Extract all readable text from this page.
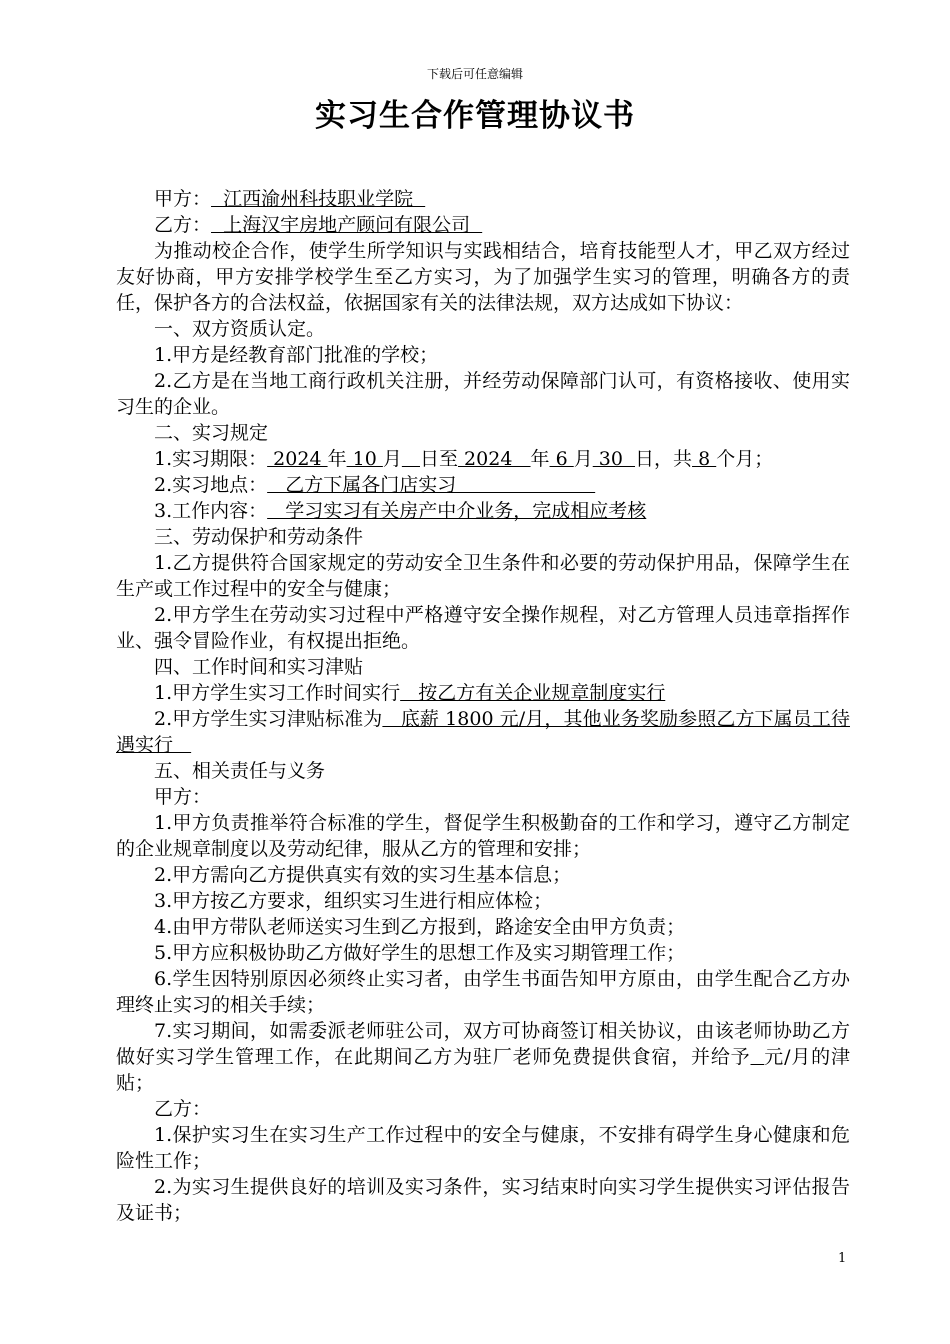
下载后可任意编辑
实习生合作管理协议书

甲方：  江西渝州科技职业学院

乙方：  上海汉宇房地产顾问有限公司

为推动校企合作，使学生所学知识与实践相结合，培育技能型人才，甲乙双方经过友好协商，甲方安排学校学生至乙方实习，为了加强学生实习的管理，明确各方的责任，保护各方的合法权益，依据国家有关的法律法规，双方达成如下协议：

一、双方资质认定。

1.甲方是经教育部门批准的学校；

2.乙方是在当地工商行政机关注册，并经劳动保障部门认可，有资格接收、使用实习生的企业。

二、实习规定

1.实习期限： 2024 年 10 月 日至 2024   年 6 月 30  日，共 8 个月；

2.实习地点：   乙方下属各门店实习

3.工作内容：   学习实习有关房产中介业务，完成相应考核

三、劳动保护和劳动条件

1.乙方提供符合国家规定的劳动安全卫生条件和必要的劳动保护用品，保障学生在生产或工作过程中的安全与健康；

2.甲方学生在劳动实习过程中严格遵守安全操作规程，对乙方管理人员违章指挥作业、强令冒险作业，有权提出拒绝。

四、工作时间和实习津贴

1.甲方学生实习工作时间实行   按乙方有关企业规章制度实行

2.甲方学生实习津贴标准为   底薪 1800 元/月，其他业务奖励参照乙方下属员工待遇实行

五、相关责任与义务

甲方：

1.甲方负责推举符合标准的学生，督促学生积极勤奋的工作和学习，遵守乙方制定的企业规章制度以及劳动纪律，服从乙方的管理和安排；

2.甲方需向乙方提供真实有效的实习生基本信息；

3.甲方按乙方要求，组织实习生进行相应体检；

4.由甲方带队老师送实习生到乙方报到，路途安全由甲方负责；

5.甲方应积极协助乙方做好学生的思想工作及实习期管理工作；

6.学生因特别原因必须终止实习者，由学生书面告知甲方原由，由学生配合乙方办理终止实习的相关手续；

7.实习期间，如需委派老师驻公司，双方可协商签订相关协议，由该老师协助乙方做好实习学生管理工作，在此期间乙方为驻厂老师免费提供食宿，并给予 元/月的津贴；

乙方：

1.保护实习生在实习生产工作过程中的安全与健康，不安排有碍学生身心健康和危险性工作；

2.为实习生提供良好的培训及实习条件，实习结束时向实习学生提供实习评估报告及证书；

1
